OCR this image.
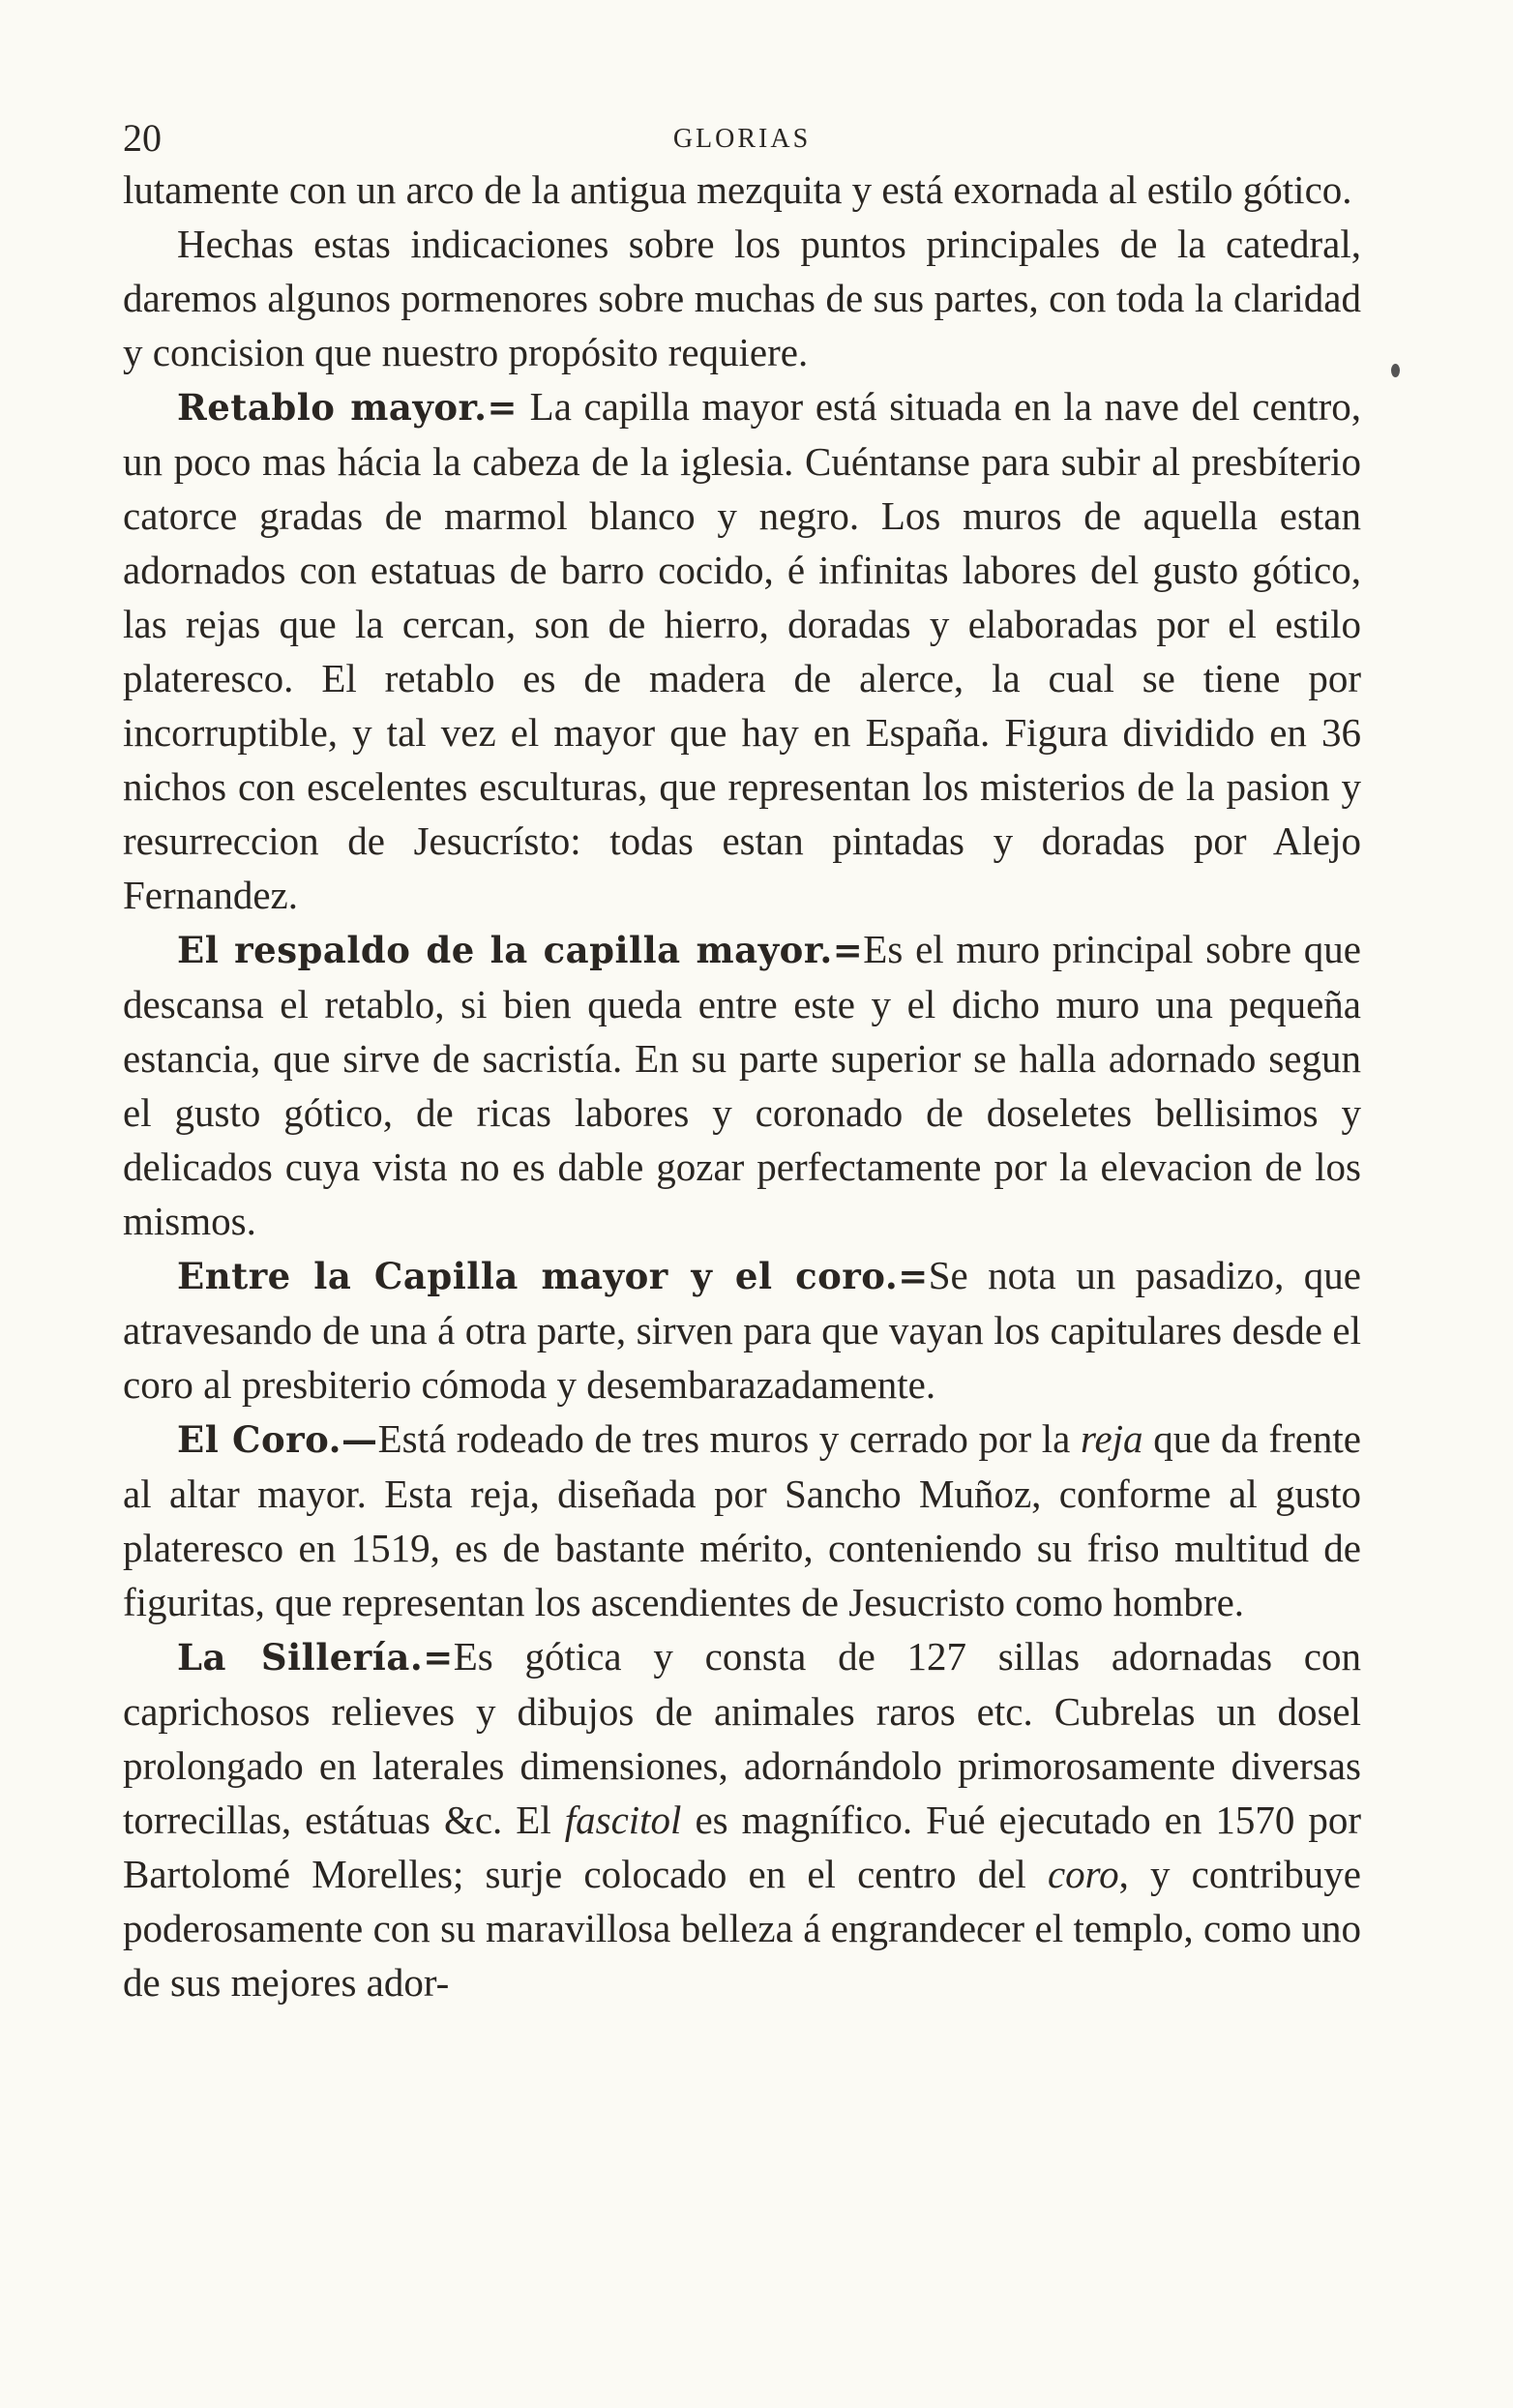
20	GLORIAS

lutamente con un arco de la antigua mezquita y está exornada al estilo gótico.

Hechas estas indicaciones sobre los puntos principales de la catedral, daremos algunos pormenores sobre muchas de sus partes, con toda la claridad y concision que nuestro propósito requiere.

Retablo mayor.= La capilla mayor está situada en la nave del centro, un poco mas hácia la cabeza de la iglesia. Cuéntanse para subir al presbíterio catorce gradas de marmol blanco y negro. Los muros de aquella estan adornados con estatuas de barro cocido, é infinitas labores del gusto gótico, las rejas que la cercan, son de hierro, doradas y elaboradas por el estilo plateresco. El retablo es de madera de alerce, la cual se tiene por incorruptible, y tal vez el mayor que hay en España. Figura dividido en 36 nichos con escelentes esculturas, que representan los misterios de la pasion y resurreccion de Jesucrísto: todas estan pintadas y doradas por Alejo Fernandez.

El respaldo de la capilla mayor.=Es el muro principal sobre que descansa el retablo, si bien queda entre este y el dicho muro una pequeña estancia, que sirve de sacristía. En su parte superior se halla adornado segun el gusto gótico, de ricas labores y coronado de doseletes bellisimos y delicados cuya vista no es dable gozar perfectamente por la elevacion de los mismos.

Entre la Capilla mayor y el coro.=Se nota un pasadizo, que atravesando de una á otra parte, sirven para que vayan los capitulares desde el coro al presbiterio cómoda y desembarazadamente.

El Coro.—Está rodeado de tres muros y cerrado por la reja que da frente al altar mayor. Esta reja, diseñada por Sancho Muñoz, conforme al gusto plateresco en 1519, es de bastante mérito, conteniendo su friso multitud de figuritas, que representan los ascendientes de Jesucristo como hombre.

La Sillería.=Es gótica y consta de 127 sillas adornadas con caprichosos relieves y dibujos de animales raros etc. Cubrelas un dosel prolongado en laterales dimensiones, adornándolo primorosamente diversas torrecillas, estátuas &c. El fascitol es magnífico. Fué ejecutado en 1570 por Bartolomé Morelles; surje colocado en el centro del coro, y contribuye poderosamente con su maravillosa belleza á engrandecer el templo, como uno de sus mejores ador-
